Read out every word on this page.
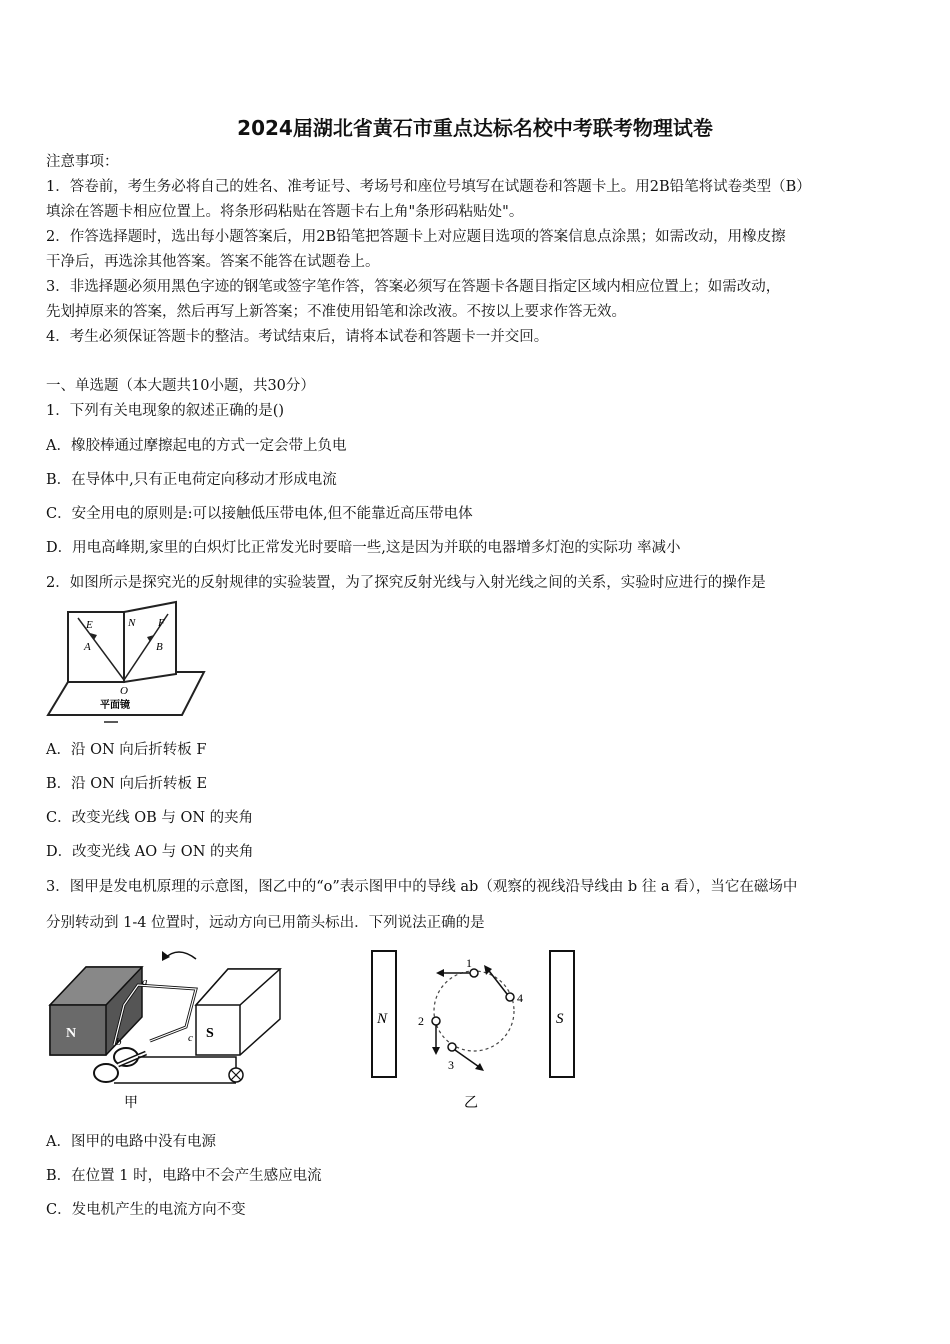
2024届湖北省黄石市重点达标名校中考联考物理试卷
注意事项：
1．答卷前，考生务必将自己的姓名、准考证号、考场号和座位号填写在试题卷和答题卡上。用2B铅笔将试卷类型（B）
填涂在答题卡相应位置上。将条形码粘贴在答题卡右上角"条形码粘贴处"。
2．作答选择题时，选出每小题答案后，用2B铅笔把答题卡上对应题目选项的答案信息点涂黑；如需改动，用橡皮擦
干净后，再选涂其他答案。答案不能答在试题卷上。
3．非选择题必须用黑色字迹的钢笔或签字笔作答，答案必须写在答题卡各题目指定区域内相应位置上；如需改动，
先划掉原来的答案，然后再写上新答案；不准使用铅笔和涂改液。不按以上要求作答无效。
4．考生必须保证答题卡的整洁。考试结束后，请将本试卷和答题卡一并交回。
一、单选题（本大题共10小题，共30分）
1．下列有关电现象的叙述正确的是()
A．橡胶棒通过摩擦起电的方式一定会带上负电
B．在导体中,只有正电荷定向移动才形成电流
C．安全用电的原则是:可以接触低压带电体,但不能靠近高压带电体
D．用电高峰期,家里的白炽灯比正常发光时要暗一些,这是因为并联的电器增多灯泡的实际功 率减小
2．如图所示是探究光的反射规律的实验装置，为了探究反射光线与入射光线之间的关系，实验时应进行的操作是
E	N F
A	B
O
平面镜
A．沿 ON 向后折转板 F
B．沿 ON 向后折转板 E
C．改变光线 OB 与 ON 的夹角
D．改变光线 AO 与 ON 的夹角
3．图甲是发电机原理的示意图，图乙中的“o”表示图甲中的导线 ab（观察的视线沿导线由 b 往 a 看），当它在磁场中
分别转动到 1-4 位置时，远动方向已用箭头标出．下列说法正确的是
N	S
a
b	c
甲
N	S
1
4
2
3
乙
A．图甲的电路中没有电源
B．在位置 1 时，电路中不会产生感应电流
C．发电机产生的电流方向不变
